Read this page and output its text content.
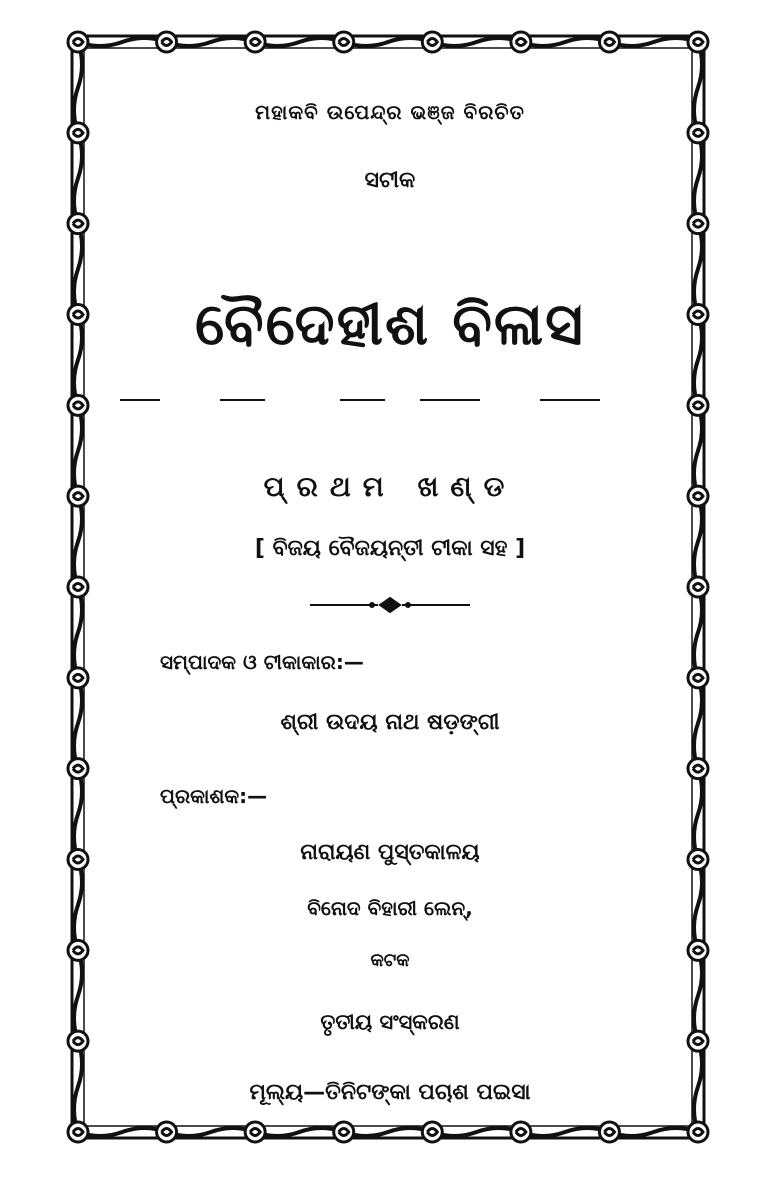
ମହାକବି ଉପେନ୍ଦ୍ର ଭଞ୍ଜ ବିରଚିତ
ସଟୀକ
ବୈଦେହୀଶ ବିଳାସ
ପ୍ରଥମ ଖଣ୍ଡ
[ ବିଜୟ ବୈଜୟନ୍ତୀ ଟୀକା ସହ ]
ସମ୍ପାଦକ ଓ ଟୀକାକାର:—
ଶ୍ରୀ ଉଦୟ ନାଥ ଷଡ଼ଙ୍ଗୀ
ପ୍ରକାଶକ:—
ନାରାୟଣ ପୁସ୍ତକାଳୟ
ବିନୋଦ ବିହାରୀ ଲେନ୍,
କଟକ
ତୃତୀୟ ସଂସ୍କରଣ
ମୂଲ୍ୟ—ତିନିଟଙ୍କା ପଚାଶ ପଇସା
